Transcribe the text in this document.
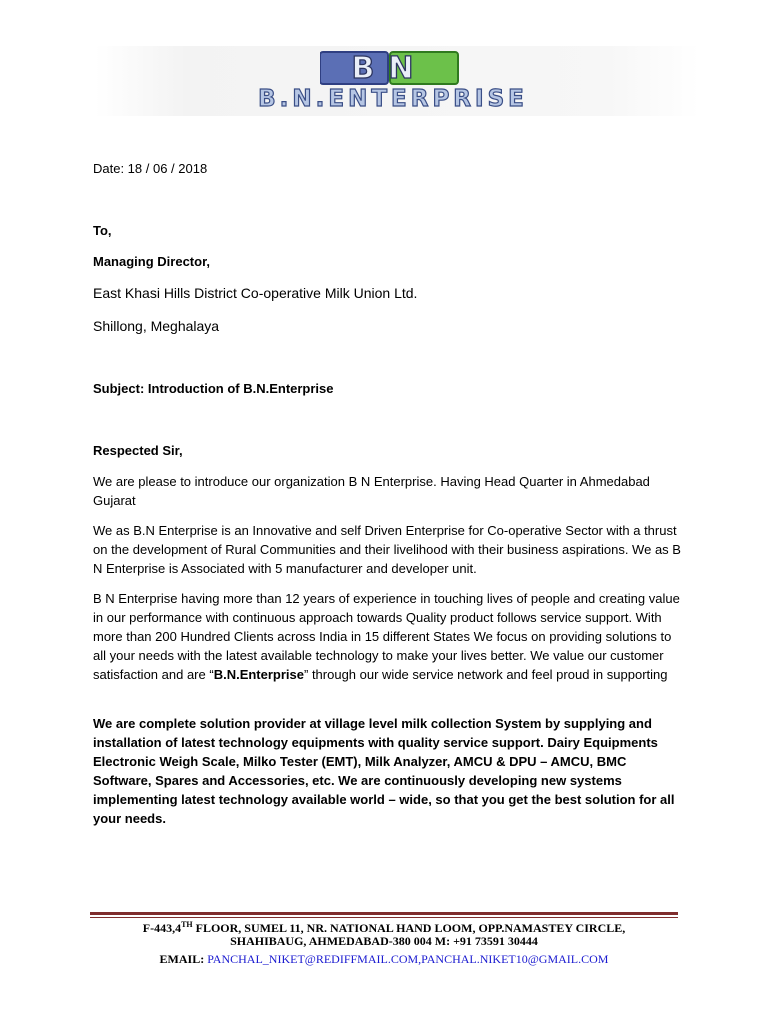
BN
B.N.ENTERPRISE
Date: 18 / 06 / 2018
To,
Managing Director,
East Khasi Hills District Co-operative Milk Union Ltd.
Shillong, Meghalaya
Subject: Introduction of B.N.Enterprise
Respected Sir,
We are please to introduce our organization B N Enterprise. Having Head Quarter in Ahmedabad Gujarat
We as B.N Enterprise is an Innovative and self Driven Enterprise for Co-operative Sector with a thrust on the development of Rural Communities and their livelihood with their business aspirations. We as B N Enterprise is Associated with 5 manufacturer and developer unit.
B N Enterprise having more than 12 years of experience in touching lives of people and creating value in our performance with continuous approach towards Quality product follows service support. With more than 200 Hundred Clients across India in 15 different States We focus on providing solutions to all your needs with the latest available technology to make your lives better. We value our customer satisfaction and are “B.N.Enterprise” through our wide service network and feel proud in supporting
We are complete solution provider at village level milk collection System by supplying and installation of latest technology equipments with quality service support. Dairy Equipments Electronic Weigh Scale, Milko Tester (EMT), Milk Analyzer, AMCU & DPU – AMCU, BMC Software, Spares and Accessories, etc. We are continuously developing new systems implementing latest technology available world – wide, so that you get the best solution for all your needs.
F-443,4TH FLOOR, SUMEL 11, NR. NATIONAL HAND LOOM, OPP.NAMASTEY CIRCLE,
SHAHIBAUG, AHMEDABAD-380 004 M: +91 73591 30444
EMAIL: PANCHAL_NIKET@REDIFFMAIL.COM,PANCHAL.NIKET10@GMAIL.COM
